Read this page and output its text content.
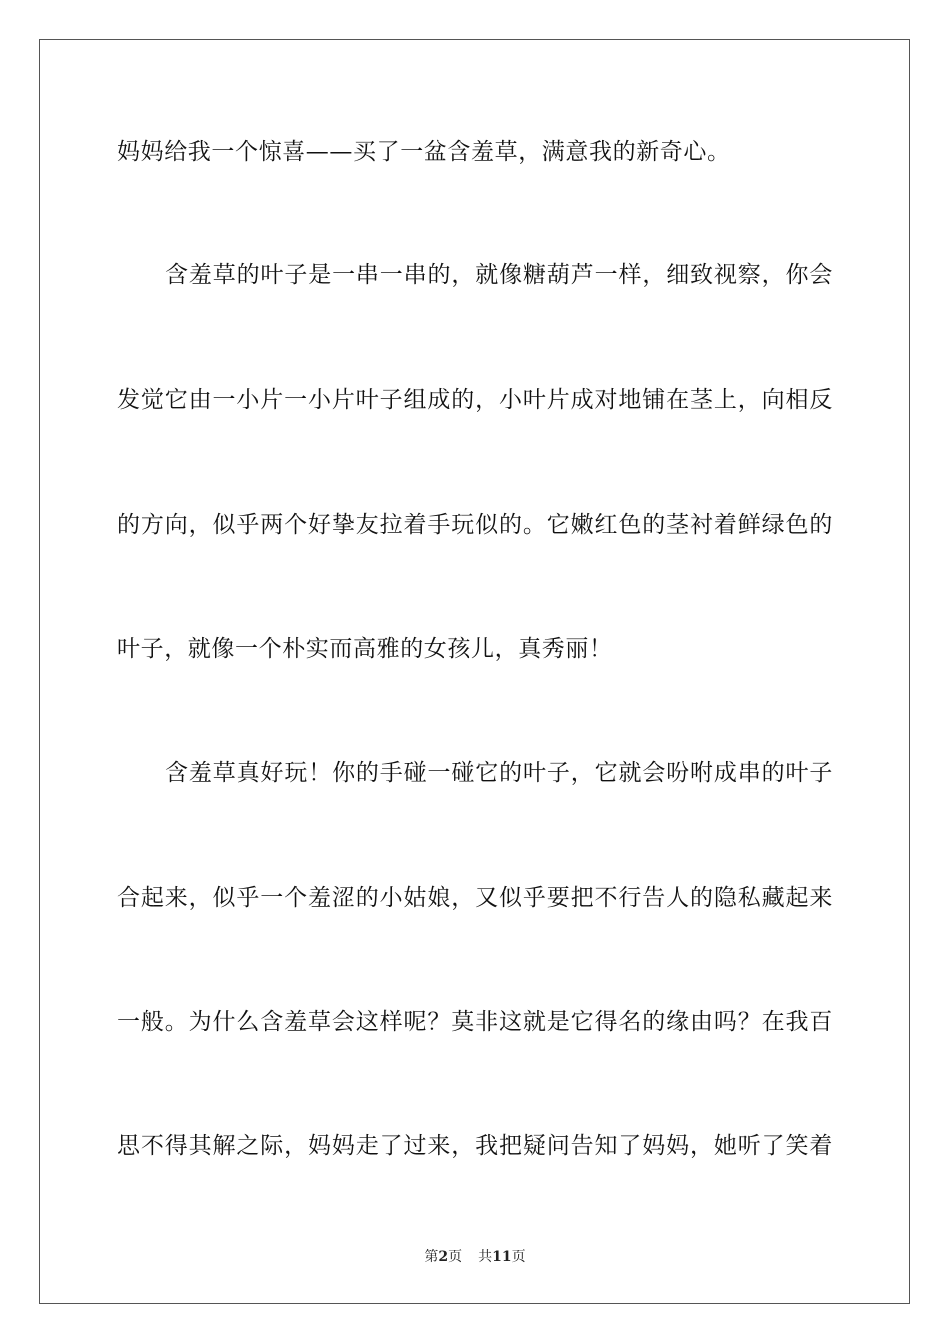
妈妈给我一个惊喜——买了一盆含羞草，满意我的新奇心。
含羞草的叶子是一串一串的，就像糖葫芦一样，细致视察，你会
发觉它由一小片一小片叶子组成的，小叶片成对地铺在茎上，向相反
的方向，似乎两个好挚友拉着手玩似的。它嫩红色的茎衬着鲜绿色的
叶子，就像一个朴实而高雅的女孩儿，真秀丽！
含羞草真好玩！你的手碰一碰它的叶子，它就会吩咐成串的叶子
合起来，似乎一个羞涩的小姑娘，又似乎要把不行告人的隐私藏起来
一般。为什么含羞草会这样呢？莫非这就是它得名的缘由吗？在我百
思不得其解之际，妈妈走了过来，我把疑问告知了妈妈，她听了笑着
第2页 共11页
